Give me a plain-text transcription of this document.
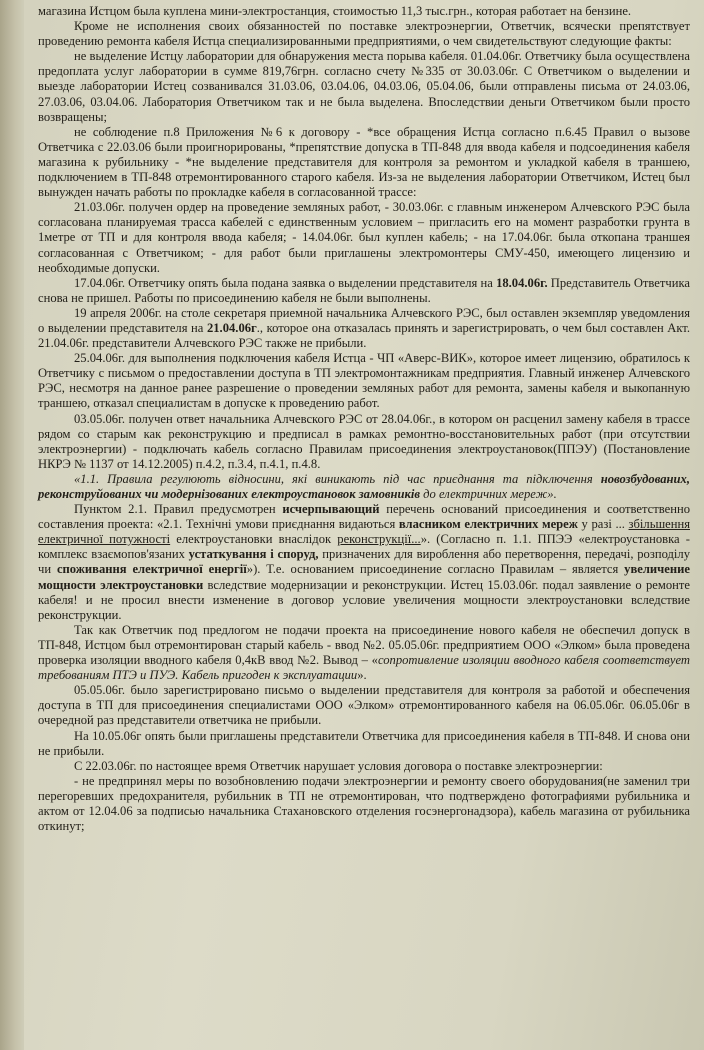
магазина Истцом была куплена мини-электростанция, стоимостью 11,3 тыс.грн., которая работает на бензине.

Кроме не исполнения своих обязанностей по поставке электроэнергии, Ответчик, всячески препятствует проведению ремонта кабеля Истца специализированными предприятиями, о чем свидетельствуют следующие факты:

не выделение Истцу лаборатории для обнаружения места порыва кабеля. 01.04.06г. Ответчику была осуществлена предоплата услуг лаборатории в сумме 819,76грн. согласно счету №335 от 30.03.06г. С Ответчиком о выделении и выезде лаборатории Истец созванивался 31.03.06, 03.04.06, 04.03.06, 05.04.06, были отправлены письма от 24.03.06, 27.03.06, 03.04.06. Лаборатория Ответчиком так и не была выделена. Впоследствии деньги Ответчиком были просто возвращены;

не соблюдение п.8 Приложения №6 к договору - *все обращения Истца согласно п.6.45 Правил о вызове Ответчика с 22.03.06 были проигнорированы, *препятствие допуска в ТП-848 для ввода кабеля и подсоединения кабеля магазина к рубильнику - *не выделение представителя для контроля за ремонтом и укладкой кабеля в траншею, подключением в ТП-848 отремонтированного старого кабеля. Из-за не выделения лаборатории Ответчиком, Истец был вынужден начать работы по прокладке кабеля в согласованной трассе:

21.03.06г. получен ордер на проведение земляных работ, - 30.03.06г. с главным инженером Алчевского РЭС была согласована планируемая трасса кабелей с единственным условием – пригласить его на момент разработки грунта в 1метре от ТП и для контроля ввода кабеля; - 14.04.06г. был куплен кабель; - на 17.04.06г. была откопана траншея согласованная с Ответчиком; - для работ были приглашены электромонтеры СМУ-450, имеющего лицензию и необходимые допуски.

17.04.06г. Ответчику опять была подана заявка о выделении представителя на 18.04.06г. Представитель Ответчика снова не пришел. Работы по присоединению кабеля не были выполнены.

19 апреля 2006г. на столе секретаря приемной начальника Алчевского РЭС, был оставлен экземпляр уведомления о выделении представителя на 21.04.06г., которое она отказалась принять и зарегистрировать, о чем был составлен Акт. 21.04.06г. представители Алчевского РЭС также не прибыли.

25.04.06г. для выполнения подключения кабеля Истца - ЧП «Аверс-ВИК», которое имеет лицензию, обратилось к Ответчику с письмом о предоставлении доступа в ТП электромонтажникам предприятия. Главный инженер Алчевского РЭС, несмотря на данное ранее разрешение о проведении земляных работ для ремонта, замены кабеля и выкопанную траншею, отказал специалистам в допуске к проведению работ.

03.05.06г. получен ответ начальника Алчевского РЭС от 28.04.06г., в котором он расценил замену кабеля в трассе рядом со старым как реконструкцию и предписал в рамках ремонтно-восстановительных работ (при отсутствии электроэнергии) - подключать кабель согласно Правилам присоединения электроустановок(ППЭУ) (Постановление НКРЭ № 1137 от 14.12.2005) п.4.2, п.3.4, п.4.1, п.4.8.

«1.1. Правила регулюють відносини, які виникають під час приєднання та підключення новозбудованих, реконструйованих чи модернізованих електроустановок замовників до електричних мереж».

Пунктом 2.1. Правил предусмотрен исчерпывающий перечень оснований присоединения и соответственно составления проекта: «2.1. Технічні умови приєднання видаються власником електричних мереж у разі ... збільшення електричної потужності електроустановки внаслідок реконструкції...». (Согласно п. 1.1. ППЭЭ «електроустановка - комплекс взаємопов'язаних устаткування і споруд, призначених для вироблення або перетворення, передачі, розподілу чи споживання електричної енергії»). Т.е. основанием присоединение согласно Правилам – является увеличение мощности электроустановки вследствие модернизации и реконструкции. Истец 15.03.06г. подал заявление о ремонте кабеля! и не просил внести изменение в договор условие увеличения мощности электроустановки вследствие реконструкции.

Так как Ответчик под предлогом не подачи проекта на присоединение нового кабеля не обеспечил допуск в ТП-848, Истцом был отремонтирован старый кабель - ввод №2. 05.05.06г. предприятием ООО «Элком» была проведена проверка изоляции вводного кабеля 0,4кВ ввод №2. Вывод – «сопротивление изоляции вводного кабеля соответствует требованиям ПТЭ и ПУЭ. Кабель пригоден к эксплуатации».

05.05.06г. было зарегистрировано письмо о выделении представителя для контроля за работой и обеспечения доступа в ТП для присоединения специалистами ООО «Элком» отремонтированного кабеля на 06.05.06г. 06.05.06г в очередной раз представители ответчика не прибыли.

На 10.05.06г опять были приглашены представители Ответчика для присоединения кабеля в ТП-848. И снова они не прибыли.

С 22.03.06г. по настоящее время Ответчик нарушает условия договора о поставке электроэнергии:

- не предпринял меры по возобновлению подачи электроэнергии и ремонту своего оборудования(не заменил три перегоревших предохранителя, рубильник в ТП не отремонтирован, что подтверждено фотографиями рубильника и актом от 12.04.06 за подписью начальника Стахановского отделения госэнергонадзора), кабель магазина от рубильника откинут;
